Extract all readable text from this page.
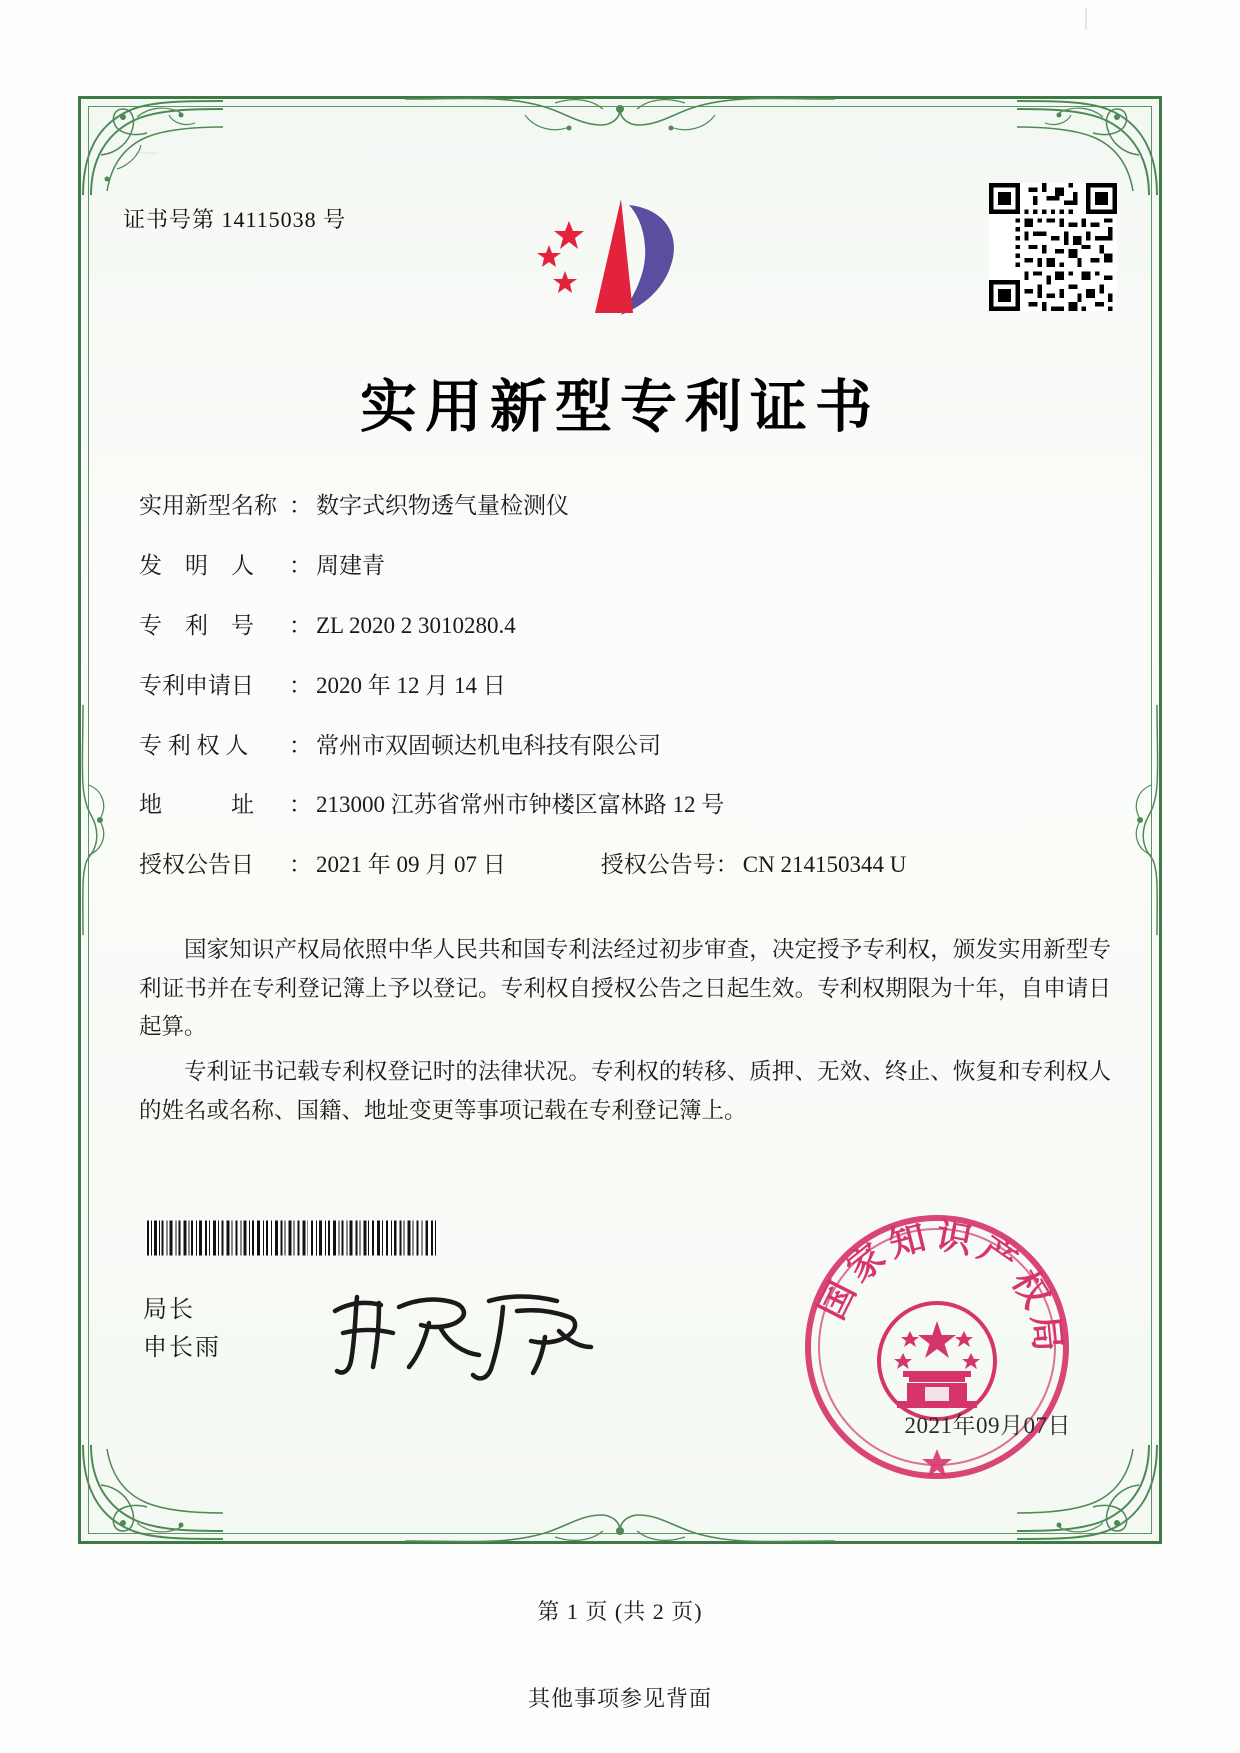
证书号第 14115038 号
实用新型专利证书
实用新型名称 ： 数字式织物透气量检测仪
发　明　人	： 周建青
专　利　号	： ZL 2020 2 3010280.4
专利申请日	： 2020 年 12 月 14 日
专 利 权 人	： 常州市双固顿达机电科技有限公司
地　　　址	： 213000 江苏省常州市钟楼区富林路 12 号
授权公告日	： 2021 年 09 月 07 日	授权公告号 ： CN 214150344 U

国家知识产权局依照中华人民共和国专利法经过初步审查，决定授予专利权，颁发实用新型专利证书并在专利登记簿上予以登记。专利权自授权公告之日起生效。专利权期限为十年，自申请日起算。

专利证书记载专利权登记时的法律状况。专利权的转移、质押、无效、终止、恢复和专利权人的姓名或名称、国籍、地址变更等事项记载在专利登记簿上。

局长
申长雨
国家知识产权局
2021年09月07日
第 1 页 (共 2 页)
其他事项参见背面
